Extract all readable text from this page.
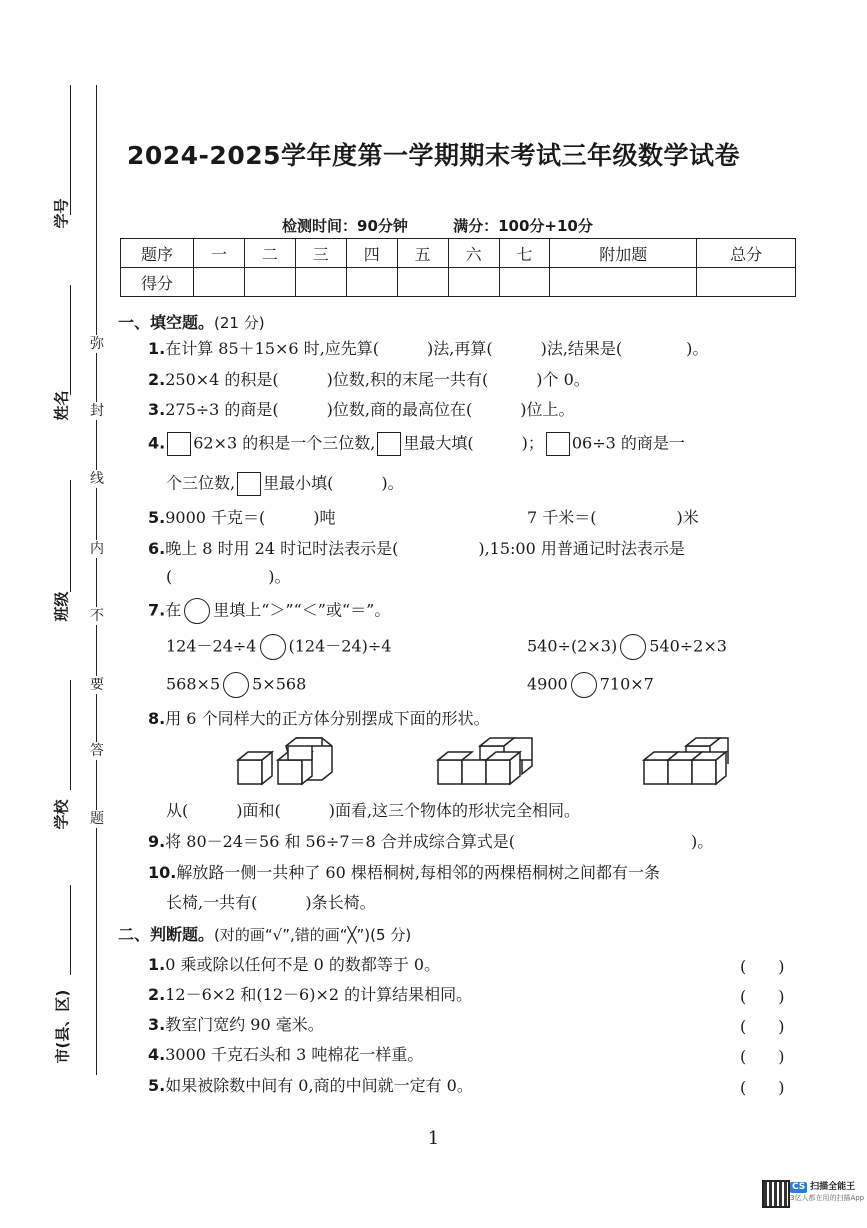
学号
姓名
班级
学校
市(县、区)
弥
封
线
内
不
要
答
题
2024-2025学年度第一学期期末考试三年级数学试卷
检测时间：90分钟	满分：100分+10分
题序	一	二	三	四	五	六	七	附加题	总分
得分									
一、填空题。(21 分)
1.在计算 85＋15×6 时,应先算(　　　)法,再算(　　　)法,结果是(　　　　)。
2.250×4 的积是(　　　)位数,积的末尾一共有(　　　)个 0。
3.275÷3 的商是(　　　)位数,商的最高位在(　　　)位上。
4. 62×3 的积是一个三位数, 里最大填(　　　)； 06÷3 的商是一
个三位数, 里最小填(　　　)。
5.9000 千克＝(　　　)吨	7 千米＝(　　　　　)米
6.晚上 8 时用 24 时记时法表示是(　　　　　),15:00 用普通记时法表示是
(　　　　　　)。
7.在 里填上“＞”“＜”或“＝”。
124－24÷4 (124－24)÷4	540÷(2×3) 540÷2×3
568×5 5×568	4900 710×7
8.用 6 个同样大的正方体分别摆成下面的形状。
从(　　　)面和(　　　)面看,这三个物体的形状完全相同。
9.将 80－24＝56 和 56÷7＝8 合并成综合算式是(　　　　　　　　　　　)。
10.解放路一侧一共种了 60 棵梧桐树,每相邻的两棵梧桐树之间都有一条
长椅,一共有(　　　)条长椅。
二、判断题。(对的画“√”,错的画“╳”)(5 分)
1.0 乘或除以任何不是 0 的数都等于 0。	(　　)
2.12－6×2 和(12－6)×2 的计算结果相同。	(　　)
3.教室门宽约 90 毫米。	(　　)
4.3000 千克石头和 3 吨棉花一样重。	(　　)
5.如果被除数中间有 0,商的中间就一定有 0。	(　　)
1
CS 扫描全能王
3亿人都在用的扫描App
